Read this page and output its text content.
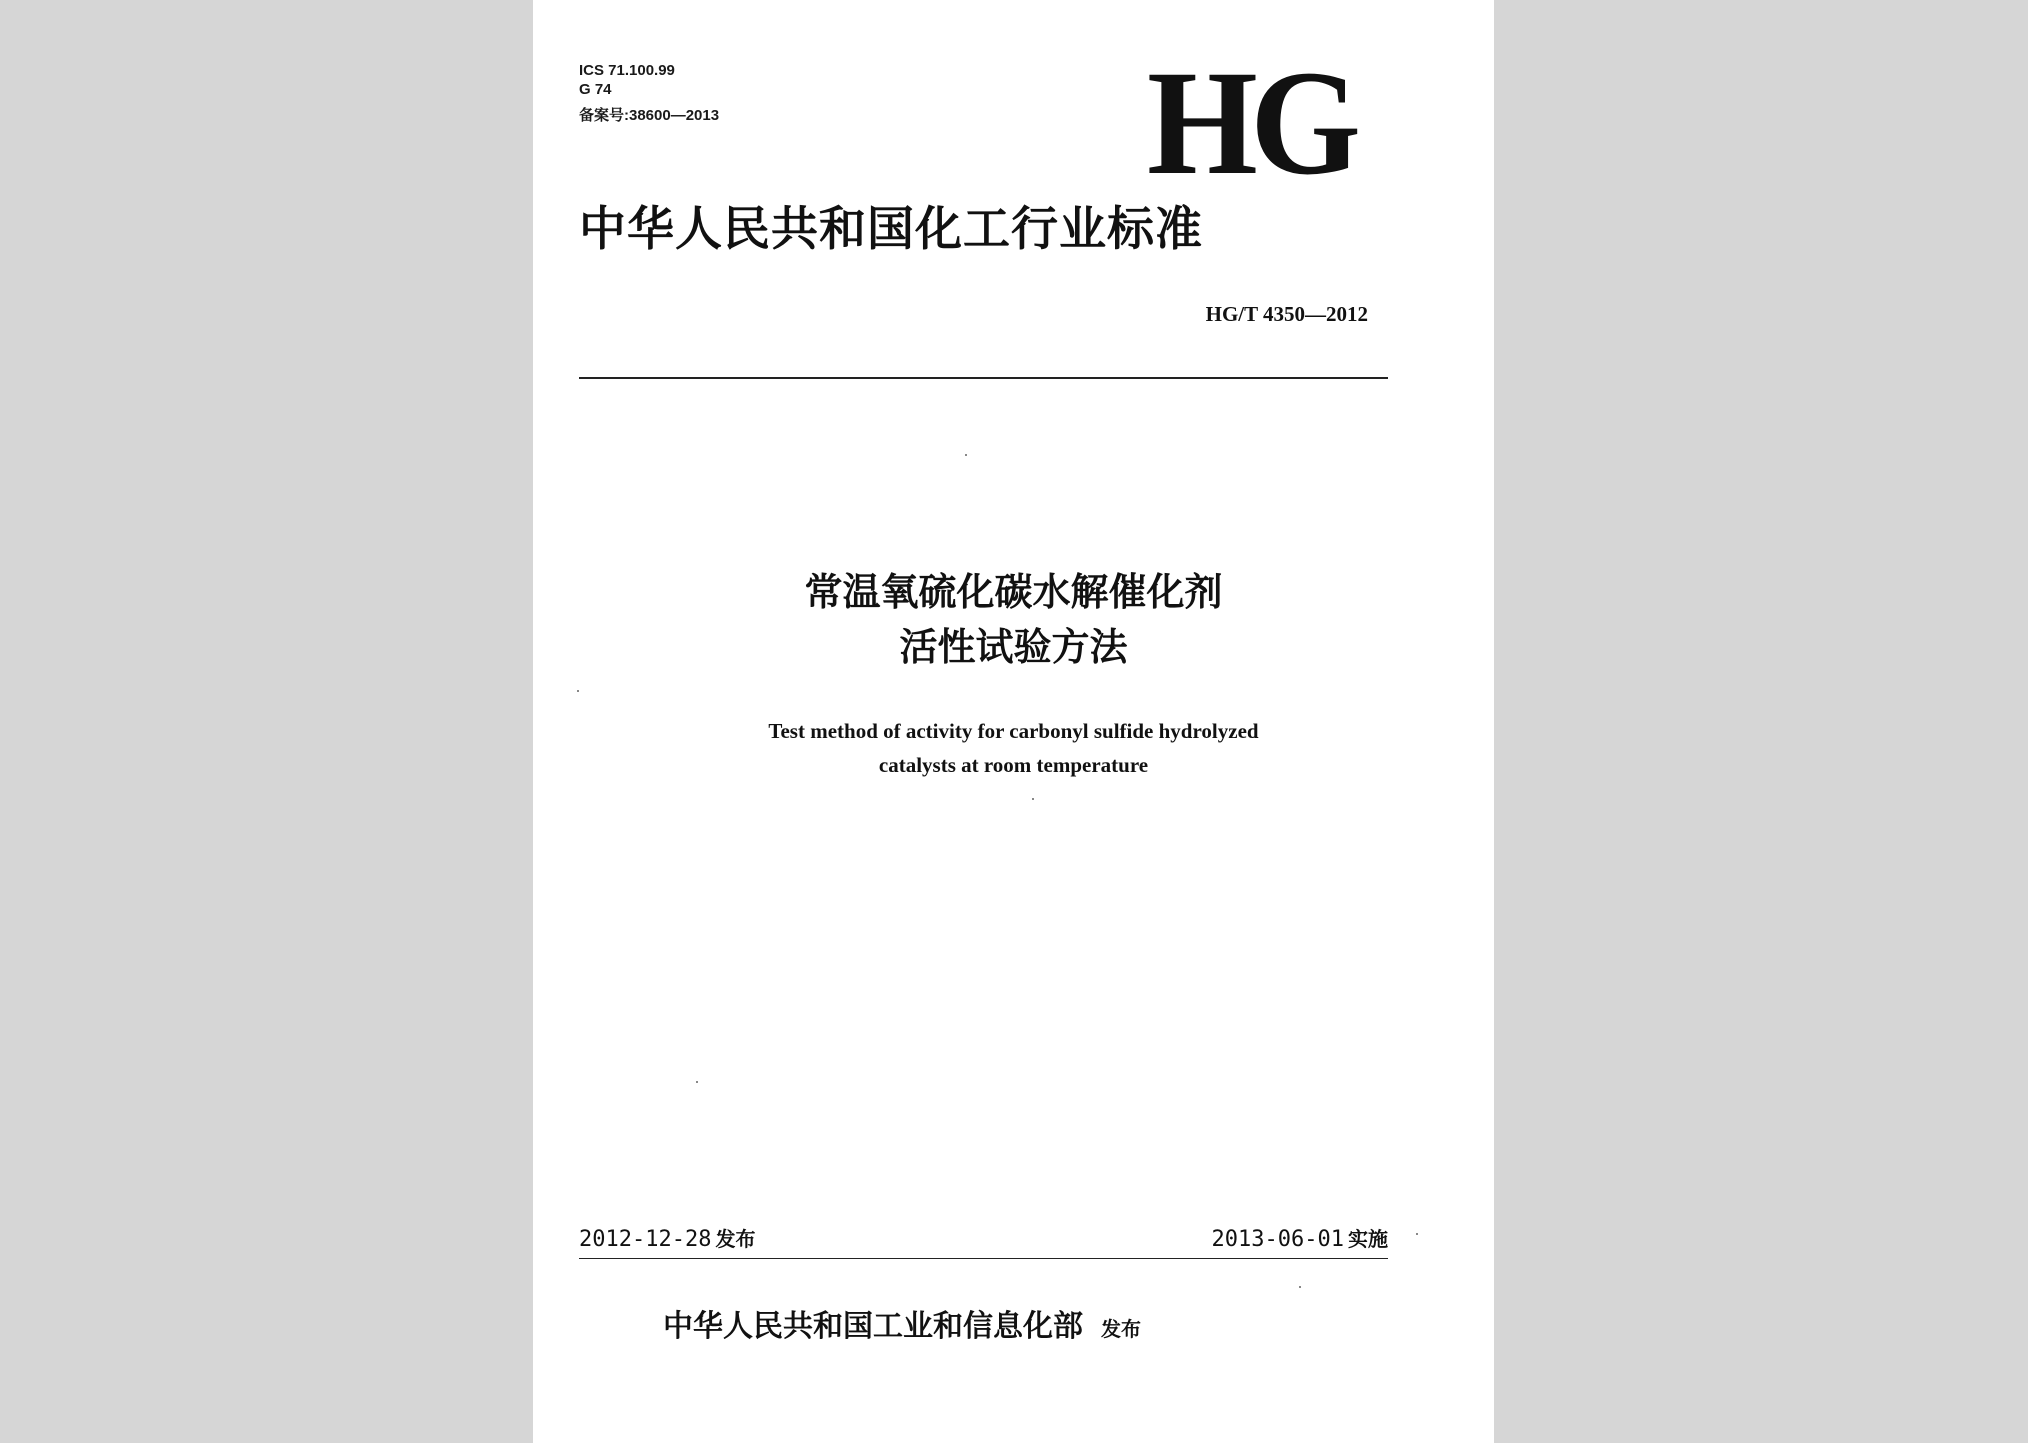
ICS 71.100.99
G 74
备案号:38600—2013	HG
中华人民共和国化工行业标准
HG/T 4350—2012
常温氧硫化碳水解催化剂
活性试验方法
Test method of activity for carbonyl sulfide hydrolyzed
catalysts at room temperature
2012-12-28 发布	2013-06-01 实施
中华人民共和国工业和信息化部 发布
